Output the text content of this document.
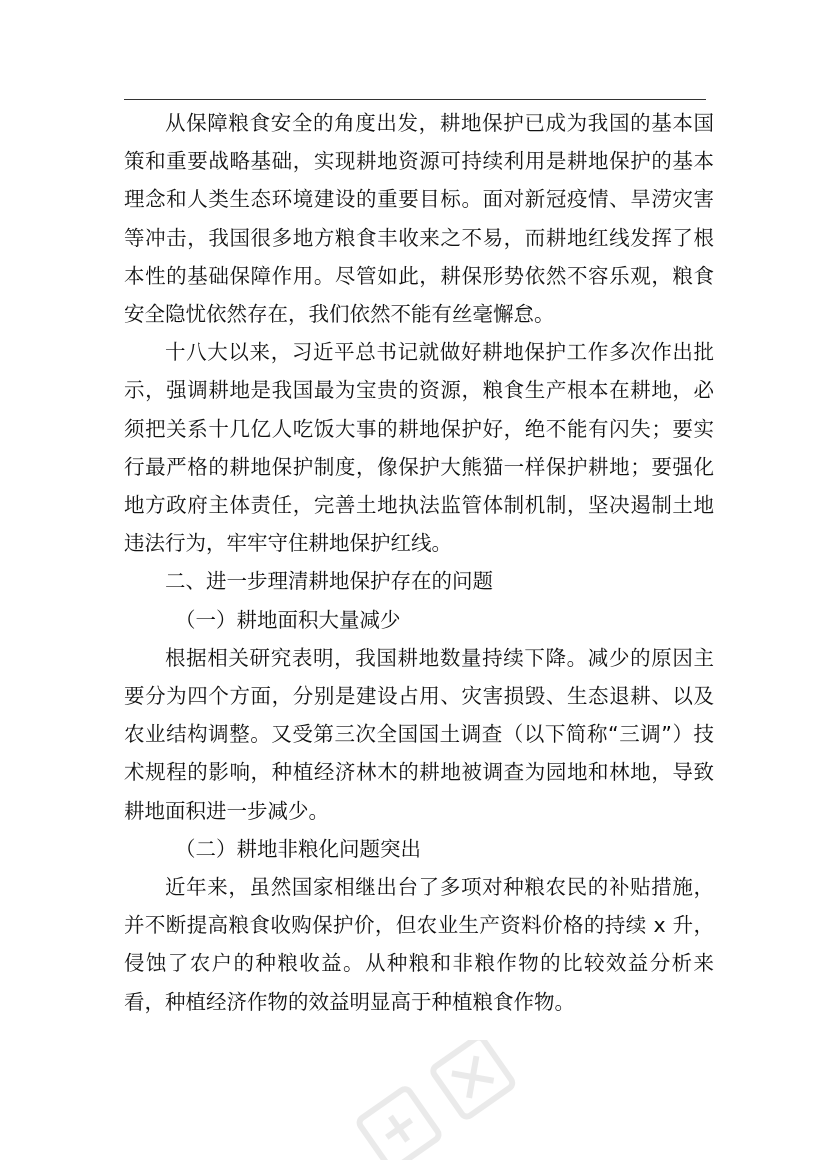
从保障粮食安全的角度出发，耕地保护已成为我国的基本国策和重要战略基础，实现耕地资源可持续利用是耕地保护的基本理念和人类生态环境建设的重要目标。面对新冠疫情、旱涝灾害等冲击，我国很多地方粮食丰收来之不易，而耕地红线发挥了根本性的基础保障作用。尽管如此，耕保形势依然不容乐观，粮食安全隐忧依然存在，我们依然不能有丝毫懈怠。

十八大以来，习近平总书记就做好耕地保护工作多次作出批示，强调耕地是我国最为宝贵的资源，粮食生产根本在耕地，必须把关系十几亿人吃饭大事的耕地保护好，绝不能有闪失；要实行最严格的耕地保护制度，像保护大熊猫一样保护耕地；要强化地方政府主体责任，完善土地执法监管体制机制，坚决遏制土地违法行为，牢牢守住耕地保护红线。

二、进一步理清耕地保护存在的问题

（一）耕地面积大量减少

根据相关研究表明，我国耕地数量持续下降。减少的原因主要分为四个方面，分别是建设占用、灾害损毁、生态退耕、以及农业结构调整。又受第三次全国国土调查（以下简称“三调”）技术规程的影响，种植经济林木的耕地被调查为园地和林地，导致耕地面积进一步减少。

（二）耕地非粮化问题突出

近年来，虽然国家相继出台了多项对种粮农民的补贴措施，并不断提高粮食收购保护价，但农业生产资料价格的持续 x 升，侵蚀了农户的种粮收益。从种粮和非粮作物的比较效益分析来看，种植经济作物的效益明显高于种植粮食作物。
